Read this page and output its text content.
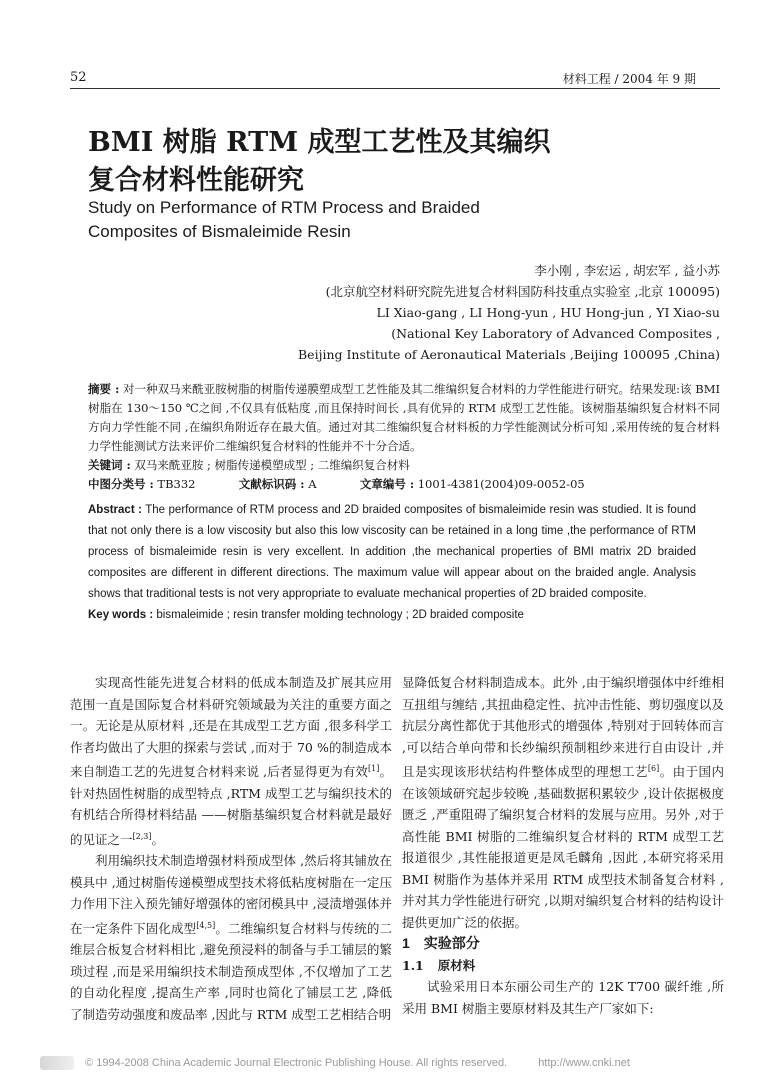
52	材料工程 / 2004 年 9 期
BMI 树脂 RTM 成型工艺性及其编织
复合材料性能研究
Study on Performance of RTM Process and Braided
Composites of Bismaleimide Resin
李小刚 , 李宏运 , 胡宏军 , 益小苏
(北京航空材料研究院先进复合材料国防科技重点实验室 ,北京 100095)
LI Xiao-gang , LI Hong-yun , HU Hong-jun , YI Xiao-su
(National Key Laboratory of Advanced Composites ,
Beijing Institute of Aeronautical Materials ,Beijing 100095 ,China)
摘要 : 对一种双马来酰亚胺树脂的树脂传递膜塑成型工艺性能及其二维编织复合材料的力学性能进行研究。结果发现:该 BMI 树脂在 130～150 ℃之间 ,不仅具有低粘度 ,而且保持时间长 ,具有优异的 RTM 成型工艺性能。该树脂基编织复合材料不同方向力学性能不同 ,在编织角附近存在最大值。通过对其二维编织复合材料板的力学性能测试分析可知 ,采用传统的复合材料力学性能测试方法来评价二维编织复合材料的性能并不十分合适。
关键词 : 双马来酰亚胺 ; 树脂传递模塑成型 ; 二维编织复合材料
中图分类号 : TB332	文献标识码 : A	文章编号 : 1001-4381(2004)09-0052-05
Abstract : The performance of RTM process and 2D braided composites of bismaleimide resin was studied. It is found that not only there is a low viscosity but also this low viscosity can be retained in a long time ,the performance of RTM process of bismaleimide resin is very excellent. In addition ,the mechanical properties of BMI matrix 2D braided composites are different in different directions. The maximum value will appear about on the braided angle. Analysis shows that traditional tests is not very appropriate to evaluate mechanical properties of 2D braided composite.
Key words : bismaleimide ; resin transfer molding technology ; 2D braided composite

实现高性能先进复合材料的低成本制造及扩展其应用范围一直是国际复合材料研究领域最为关注的重要方面之一。无论是从原材料 ,还是在其成型工艺方面 ,很多科学工作者均做出了大胆的探索与尝试 ,而对于 70 %的制造成本来自制造工艺的先进复合材料来说 ,后者显得更为有效[1]。针对热固性树脂的成型特点 ,RTM 成型工艺与编织技术的有机结合所得材料结晶 ——树脂基编织复合材料就是最好的见证之一[2,3]。

利用编织技术制造增强材料预成型体 ,然后将其铺放在模具中 ,通过树脂传递模塑成型技术将低粘度树脂在一定压力作用下注入预先铺好增强体的密闭模具中 ,浸渍增强体并在一定条件下固化成型[4,5]。二维编织复合材料与传统的二维层合板复合材料相比 ,避免预浸料的制备与手工铺层的繁琐过程 ,而是采用编织技术制造预成型体 ,不仅增加了工艺的自动化程度 ,提高生产率 ,同时也简化了铺层工艺 ,降低了制造劳动强度和废品率 ,因此与 RTM 成型工艺相结合明

显降低复合材料制造成本。此外 ,由于编织增强体中纤维相互扭组与缠结 ,其扭曲稳定性、抗冲击性能、剪切强度以及抗层分离性都优于其他形式的增强体 ,特别对于回转体而言 ,可以结合单向带和长纱编织预制粗纱来进行自由设计 ,并且是实现该形状结构件整体成型的理想工艺[6]。由于国内在该领域研究起步较晚 ,基础数据积累较少 ,设计依据极度匮乏 ,严重阻碍了编织复合材料的发展与应用。另外 ,对于高性能 BMI 树脂的二维编织复合材料的 RTM 成型工艺报道很少 ,其性能报道更是凤毛麟角 ,因此 ,本研究将采用 BMI 树脂作为基体并采用 RTM 成型技术制备复合材料 ,并对其力学性能进行研究 ,以期对编织复合材料的结构设计提供更加广泛的依据。

1 实验部分

1.1 原材料

试验采用日本东丽公司生产的 12K T700 碳纤维 ,所采用 BMI 树脂主要原材料及其生产厂家如下:

© 1994-2008 China Academic Journal Electronic Publishing House. All rights reserved.	http://www.cnki.net
